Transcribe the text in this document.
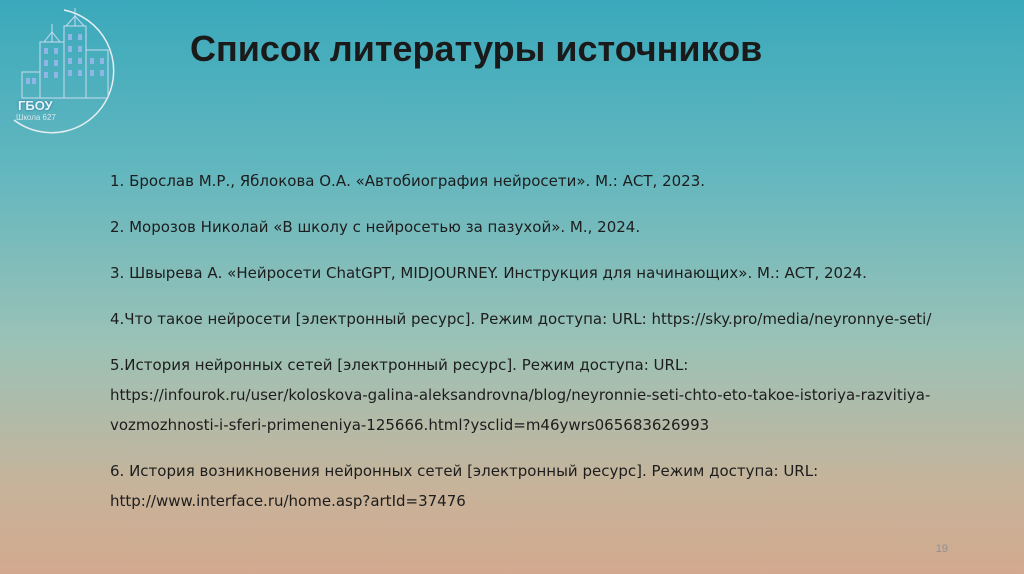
ГБОУ
Школа 627
Список литературы источников
1. Брослав М.Р., Яблокова О.А. «Автобиография нейросети». М.: АСТ, 2023.
2. Морозов Николай «В школу с нейросетью за пазухой». М., 2024.
3. Швырева А. «Нейросети ChatGPT, MIDJOURNEY. Инструкция для начинающих». М.: АСТ, 2024.
4.Что такое нейросети [электронный ресурс]. Режим доступа: URL: https://sky.pro/media/neyronnye-seti/
5.История нейронных сетей [электронный ресурс]. Режим доступа: URL: https://infourok.ru/user/koloskova-galina-aleksandrovna/blog/neyronnie-seti-chto-eto-takoe-istoriya-razvitiya-vozmozhnosti-i-sferi-primeneniya-125666.html?ysclid=m46ywrs065683626993
6. История возникновения нейронных сетей [электронный ресурс]. Режим доступа: URL: http://www.interface.ru/home.asp?artId=37476
19
